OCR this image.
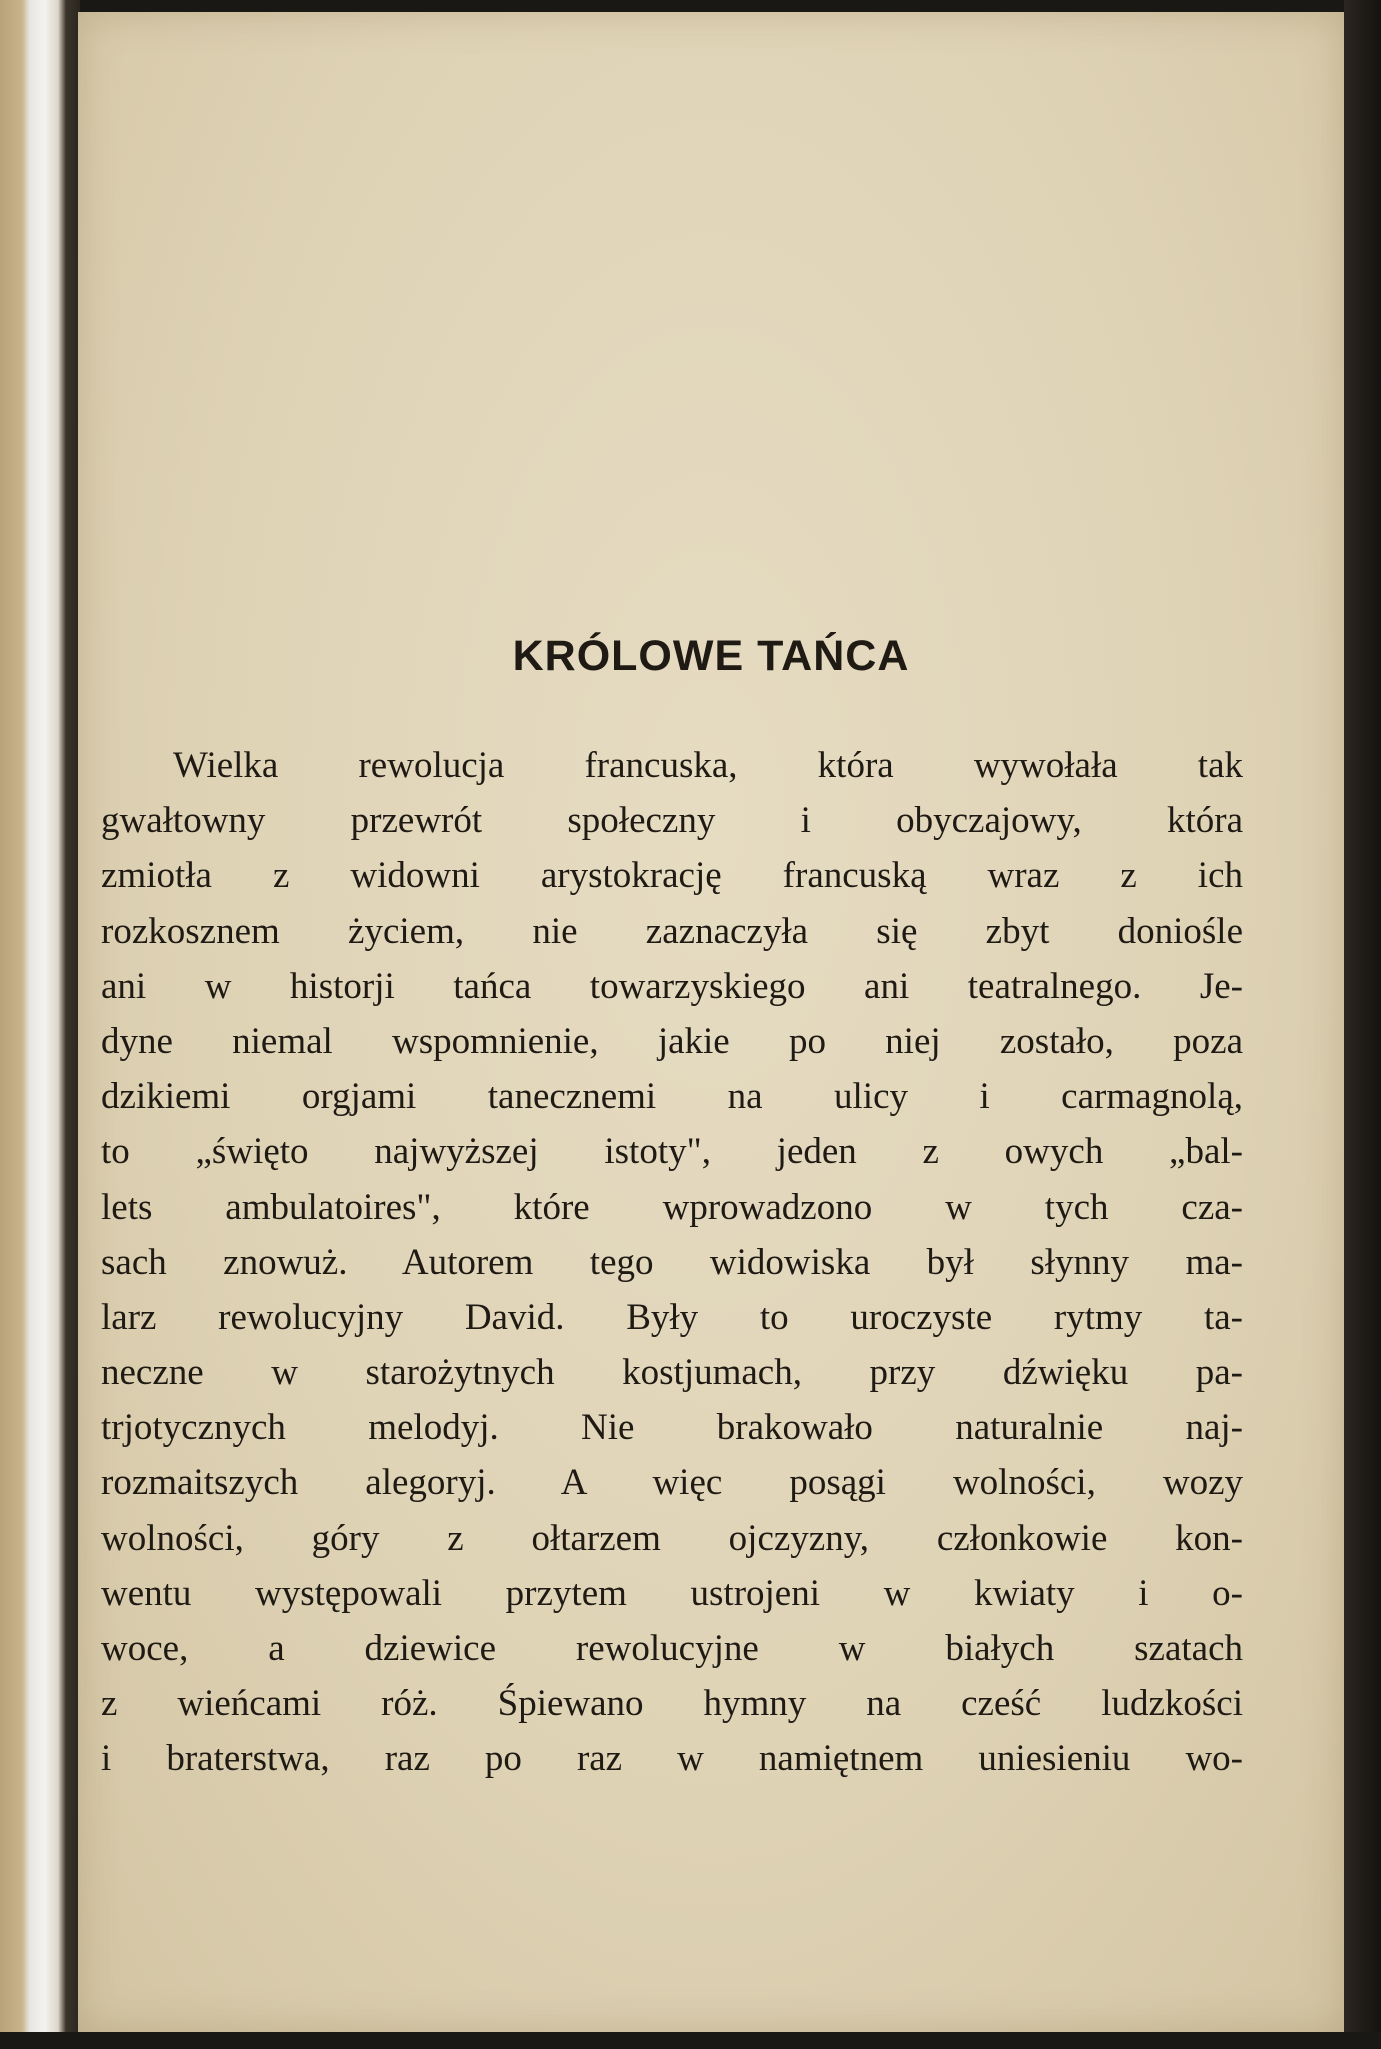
KRÓLOWE TAŃCA
Wielka rewolucja francuska, która wywołała tak
gwałtowny przewrót społeczny i obyczajowy, która
zmiotła z widowni arystokrację francuską wraz z ich
rozkosznem życiem, nie zaznaczyła się zbyt donioślе
ani w historji tańca towarzyskiego ani teatralnego. Je-
dyne niemal wspomnienie, jakie po niej zostało, poza
dzikiemi orgjami tanecznemi na ulicy i carmagnolą,
to „święto najwyższej istoty", jeden z owych „bal-
lets ambulatoires", które wprowadzono w tych cza-
sach znowuż. Autorem tego widowiska był słynny ma-
larz rewolucyjny David. Były to uroczyste rytmy ta-
neczne w starożytnych kostjumach, przy dźwięku pa-
trjotycznych melodyj. Nie brakowało naturalnie naj-
rozmaitszych alegoryj. A więc posągi wolności, wozy
wolności, góry z ołtarzem ojczyzny, członkowie kon-
wentu występowali przytem ustrojeni w kwiaty i o-
woce, a dziewice rewolucyjne w białych szatach
z wieńcami róż. Śpiewano hymny na cześć ludzkości
i braterstwa, raz po raz w namiętnem uniesieniu wo-
